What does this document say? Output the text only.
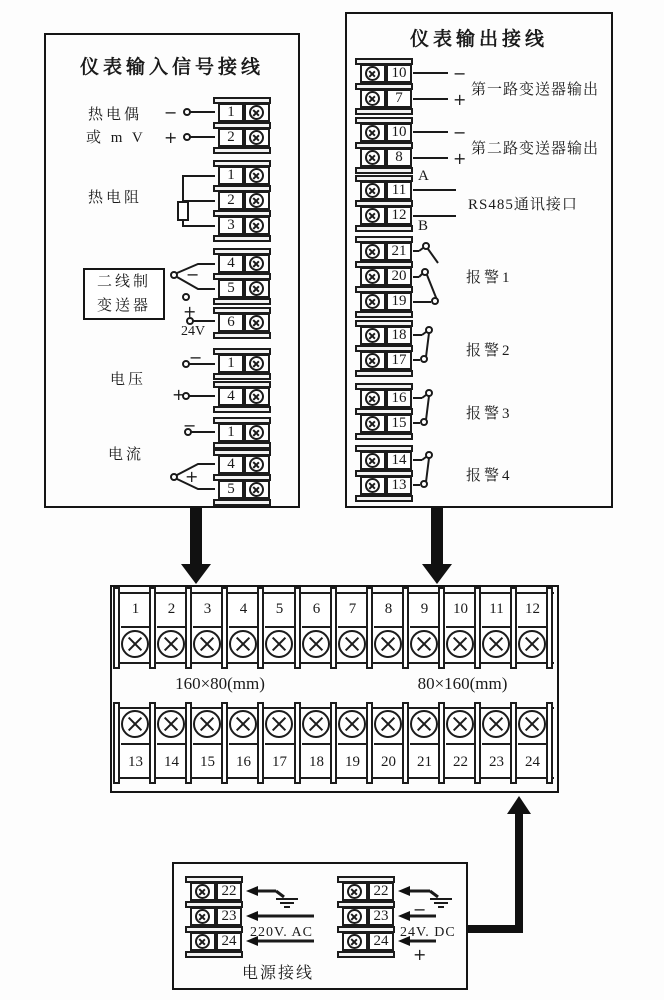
仪表输入信号接线
热电偶
或 m V
−
+
热电阻
二线制
变送器
−
+
24V
电压
−
+
电流
−
+
仪表输出接线
−
+ 第一路变送器输出
−
+ 第二路变送器输出
A
B
RS485通讯接口
报警1
报警2
报警3
报警4
160×80(mm)	80×160(mm)
220V. AC	24V. DC
−
+
电源接线
1
2
1
2
3
4
5
6
1
4
1
4
5
10
7
10
8
11
12
21
20
19
18
17
16
15
14
13
22
23
24
22
23
24
1	2	3	4	5	6	7	8	9	10	11	12
13	14	15	16	17	18	19	20	21	22	23	24
